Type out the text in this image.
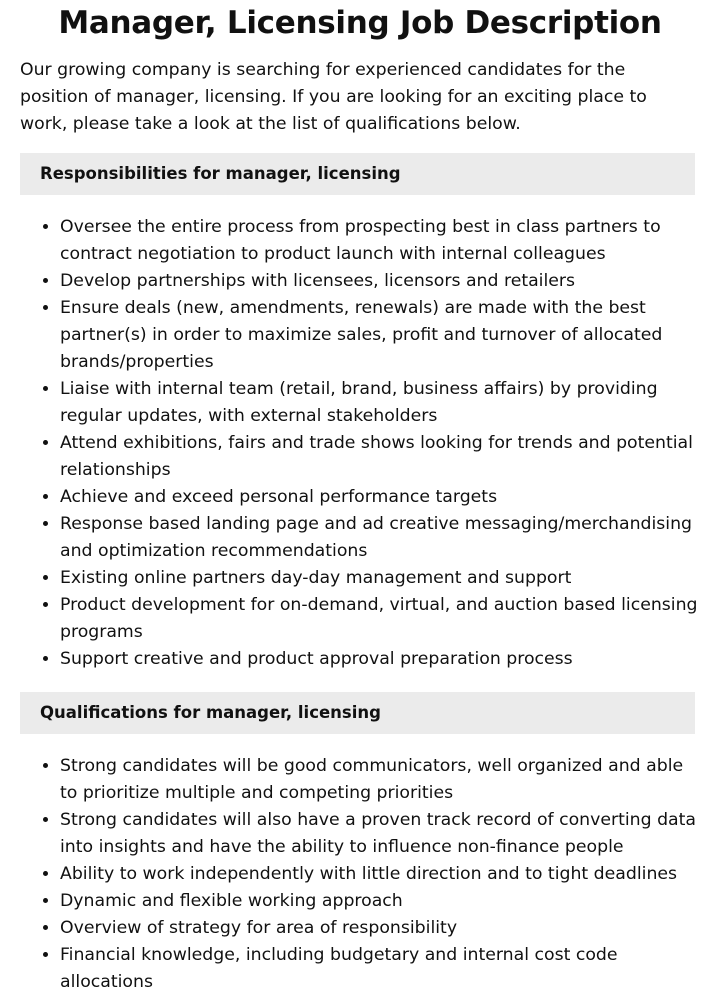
Manager, Licensing Job Description

Our growing company is searching for experienced candidates for the position of manager, licensing. If you are looking for an exciting place to work, please take a look at the list of qualifications below.

Responsibilities for manager, licensing
• Oversee the entire process from prospecting best in class partners to contract negotiation to product launch with internal colleagues
• Develop partnerships with licensees, licensors and retailers
• Ensure deals (new, amendments, renewals) are made with the best partner(s) in order to maximize sales, profit and turnover of allocated brands/properties
• Liaise with internal team (retail, brand, business affairs) by providing regular updates, with external stakeholders
• Attend exhibitions, fairs and trade shows looking for trends and potential relationships
• Achieve and exceed personal performance targets
• Response based landing page and ad creative messaging/merchandising and optimization recommendations
• Existing online partners day-day management and support
• Product development for on-demand, virtual, and auction based licensing programs
• Support creative and product approval preparation process
Qualifications for manager, licensing
• Strong candidates will be good communicators, well organized and able to prioritize multiple and competing priorities
• Strong candidates will also have a proven track record of converting data into insights and have the ability to influence non-finance people
• Ability to work independently with little direction and to tight deadlines
• Dynamic and flexible working approach
• Overview of strategy for area of responsibility
• Financial knowledge, including budgetary and internal cost code allocations
